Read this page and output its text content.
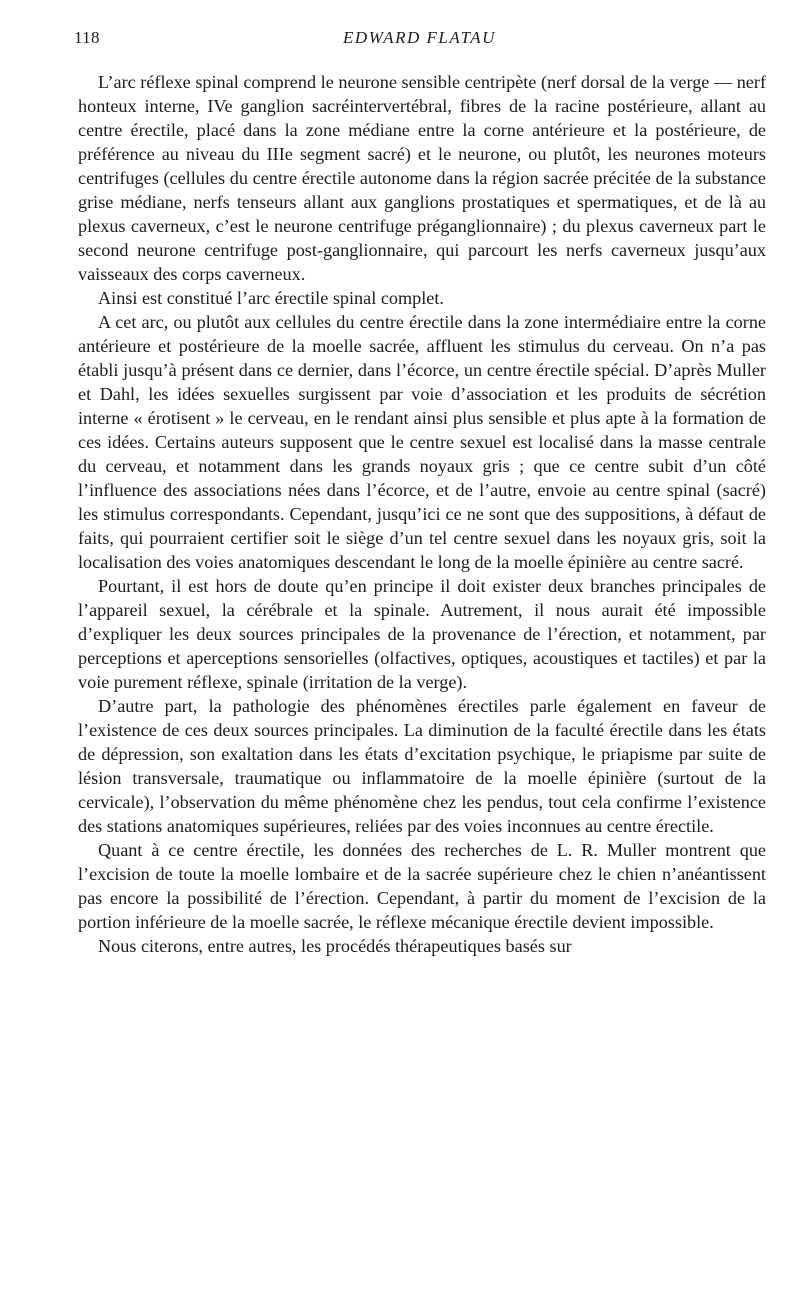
118	EDWARD FLATAU

L’arc réflexe spinal comprend le neurone sensible centripète (nerf dorsal de la verge — nerf honteux interne, IVe ganglion sacréintervertébral, fibres de la racine postérieure, allant au centre érectile, placé dans la zone médiane entre la corne antérieure et la postérieure, de préférence au niveau du IIIe segment sacré) et le neurone, ou plutôt, les neurones moteurs centrifuges (cellules du centre érectile autonome dans la région sacrée précitée de la substance grise médiane, nerfs tenseurs allant aux ganglions prostatiques et spermatiques, et de là au plexus caverneux, c’est le neurone centrifuge préganglionnaire) ; du plexus caverneux part le second neurone centrifuge post-ganglionnaire, qui parcourt les nerfs caverneux jusqu’aux vaisseaux des corps caverneux.

Ainsi est constitué l’arc érectile spinal complet.

A cet arc, ou plutôt aux cellules du centre érectile dans la zone intermédiaire entre la corne antérieure et postérieure de la moelle sacrée, affluent les stimulus du cerveau. On n’a pas établi jusqu’à présent dans ce dernier, dans l’écorce, un centre érectile spécial. D’après Muller et Dahl, les idées sexuelles surgissent par voie d’association et les produits de sécrétion interne « érotisent » le cerveau, en le rendant ainsi plus sensible et plus apte à la formation de ces idées. Certains auteurs supposent que le centre sexuel est localisé dans la masse centrale du cerveau, et notamment dans les grands noyaux gris ; que ce centre subit d’un côté l’influence des associations nées dans l’écorce, et de l’autre, envoie au centre spinal (sacré) les stimulus correspondants. Cependant, jusqu’ici ce ne sont que des suppositions, à défaut de faits, qui pourraient certifier soit le siège d’un tel centre sexuel dans les noyaux gris, soit la localisation des voies anatomiques descendant le long de la moelle épinière au centre sacré.

Pourtant, il est hors de doute qu’en principe il doit exister deux branches principales de l’appareil sexuel, la cérébrale et la spinale. Autrement, il nous aurait été impossible d’expliquer les deux sources principales de la provenance de l’érection, et notamment, par perceptions et aperceptions sensorielles (olfactives, optiques, acoustiques et tactiles) et par la voie purement réflexe, spinale (irritation de la verge).

D’autre part, la pathologie des phénomènes érectiles parle également en faveur de l’existence de ces deux sources principales. La diminution de la faculté érectile dans les états de dépression, son exaltation dans les états d’excitation psychique, le priapisme par suite de lésion transversale, traumatique ou inflammatoire de la moelle épinière (surtout de la cervicale), l’observation du même phénomène chez les pendus, tout cela confirme l’existence des stations anatomiques supérieures, reliées par des voies inconnues au centre érectile.

Quant à ce centre érectile, les données des recherches de L. R. Muller montrent que l’excision de toute la moelle lombaire et de la sacrée supérieure chez le chien n’anéantissent pas encore la possibilité de l’érection. Cependant, à partir du moment de l’excision de la portion inférieure de la moelle sacrée, le réflexe mécanique érectile devient impossible.

Nous citerons, entre autres, les procédés thérapeutiques basés sur
